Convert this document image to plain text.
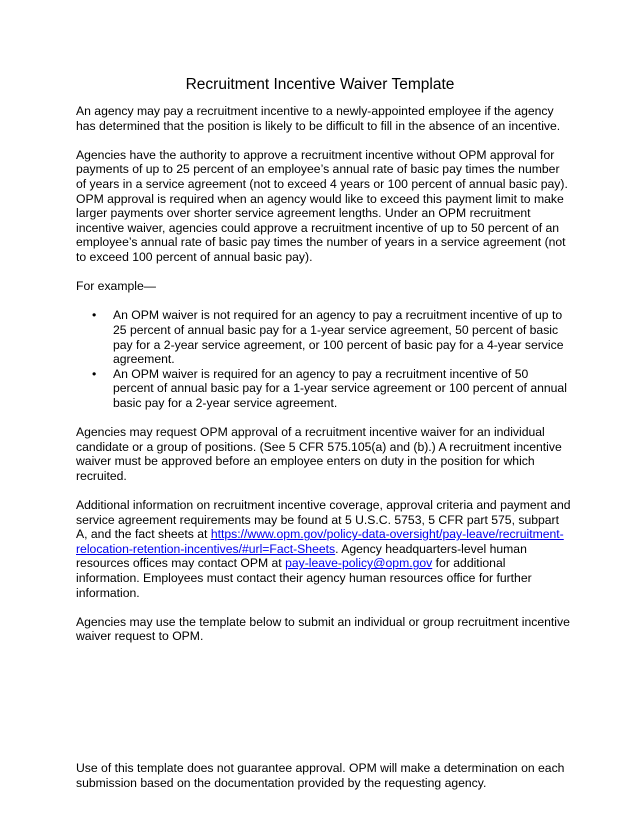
Recruitment Incentive Waiver Template

An agency may pay a recruitment incentive to a newly-appointed employee if the agency has determined that the position is likely to be difficult to fill in the absence of an incentive.

Agencies have the authority to approve a recruitment incentive without OPM approval for payments of up to 25 percent of an employee’s annual rate of basic pay times the number of years in a service agreement (not to exceed 4 years or 100 percent of annual basic pay). OPM approval is required when an agency would like to exceed this payment limit to make larger payments over shorter service agreement lengths. Under an OPM recruitment incentive waiver, agencies could approve a recruitment incentive of up to 50 percent of an employee’s annual rate of basic pay times the number of years in a service agreement (not to exceed 100 percent of annual basic pay).

For example—

• An OPM waiver is not required for an agency to pay a recruitment incentive of up to 25 percent of annual basic pay for a 1-year service agreement, 50 percent of basic pay for a 2-year service agreement, or 100 percent of basic pay for a 4-year service agreement.
• An OPM waiver is required for an agency to pay a recruitment incentive of 50 percent of annual basic pay for a 1-year service agreement or 100 percent of annual basic pay for a 2-year service agreement.

Agencies may request OPM approval of a recruitment incentive waiver for an individual candidate or a group of positions. (See 5 CFR 575.105(a) and (b).) A recruitment incentive waiver must be approved before an employee enters on duty in the position for which recruited.

Additional information on recruitment incentive coverage, approval criteria and payment and service agreement requirements may be found at 5 U.S.C. 5753, 5 CFR part 575, subpart A, and the fact sheets at https://www.opm.gov/policy-data-oversight/pay-leave/recruitment-relocation-retention-incentives/#url=Fact-Sheets. Agency headquarters-level human resources offices may contact OPM at pay-leave-policy@opm.gov for additional information. Employees must contact their agency human resources office for further information.

Agencies may use the template below to submit an individual or group recruitment incentive waiver request to OPM.

Use of this template does not guarantee approval. OPM will make a determination on each submission based on the documentation provided by the requesting agency.
